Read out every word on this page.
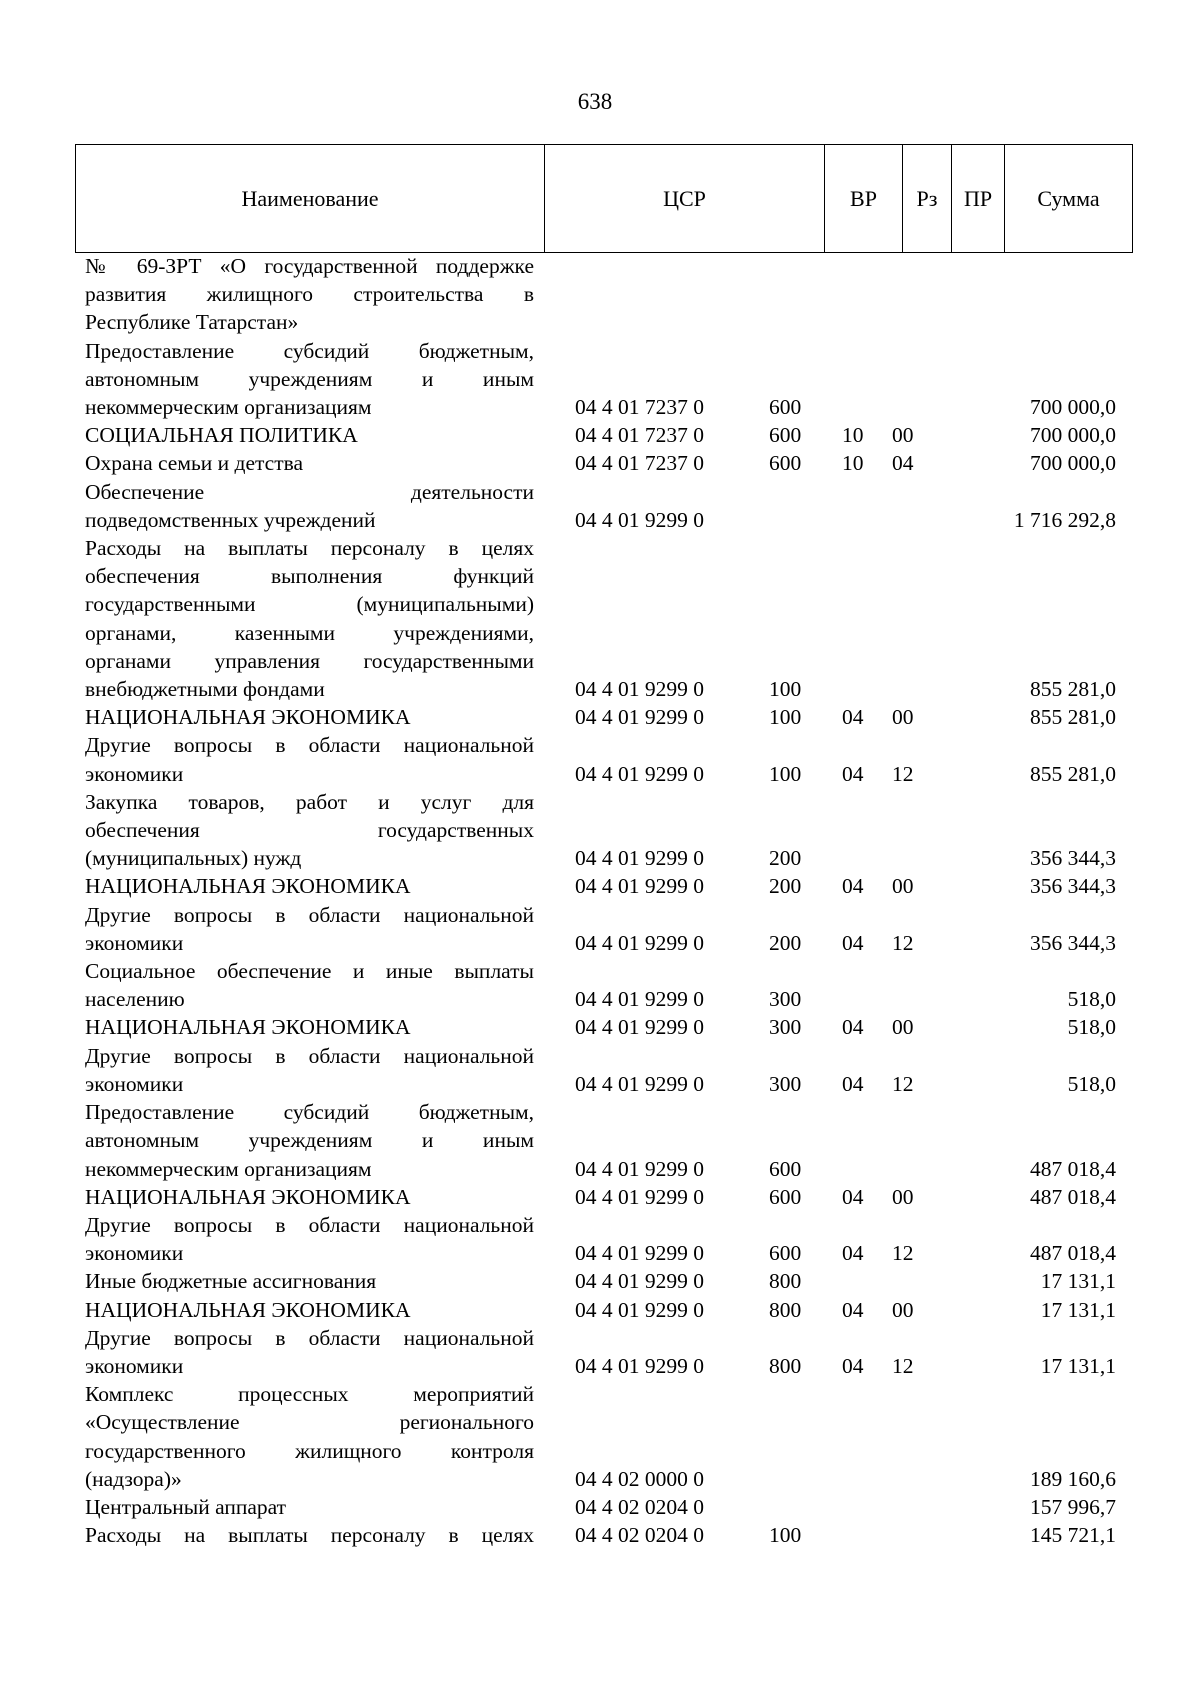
638
Наименование	ЦСР	ВР	Рз	ПР	Сумма
№ 69-ЗРТ «О государственной поддержке
развития жилищного строительства в
Республике Татарстан»
Предоставление субсидий бюджетным,
автономным учреждениям и иным
некоммерческим организациям	04 4 01 7237 0	600	700 000,0
СОЦИАЛЬНАЯ ПОЛИТИКА	04 4 01 7237 0	600 10 00	700 000,0
Охрана семьи и детства	04 4 01 7237 0	600 10 04	700 000,0
Обеспечение деятельности
подведомственных учреждений	04 4 01 9299 0	1 716 292,8
Расходы на выплаты персоналу в целях
обеспечения выполнения функций
государственными (муниципальными)
органами, казенными учреждениями,
органами управления государственными
внебюджетными фондами	04 4 01 9299 0	100	855 281,0
НАЦИОНАЛЬНАЯ ЭКОНОМИКА	04 4 01 9299 0	100 04 00	855 281,0
Другие вопросы в области национальной
экономики	04 4 01 9299 0	100 04 12	855 281,0
Закупка товаров, работ и услуг для
обеспечения государственных
(муниципальных) нужд	04 4 01 9299 0	200	356 344,3
НАЦИОНАЛЬНАЯ ЭКОНОМИКА	04 4 01 9299 0	200 04 00	356 344,3
Другие вопросы в области национальной
экономики	04 4 01 9299 0	200 04 12	356 344,3
Социальное обеспечение и иные выплаты
населению	04 4 01 9299 0	300	518,0
НАЦИОНАЛЬНАЯ ЭКОНОМИКА	04 4 01 9299 0	300 04 00	518,0
Другие вопросы в области национальной
экономики	04 4 01 9299 0	300 04 12	518,0
Предоставление субсидий бюджетным,
автономным учреждениям и иным
некоммерческим организациям	04 4 01 9299 0	600	487 018,4
НАЦИОНАЛЬНАЯ ЭКОНОМИКА	04 4 01 9299 0	600 04 00	487 018,4
Другие вопросы в области национальной
экономики	04 4 01 9299 0	600 04 12	487 018,4
Иные бюджетные ассигнования	04 4 01 9299 0	800	17 131,1
НАЦИОНАЛЬНАЯ ЭКОНОМИКА	04 4 01 9299 0	800 04 00	17 131,1
Другие вопросы в области национальной
экономики	04 4 01 9299 0	800 04 12	17 131,1
Комплекс процессных мероприятий
«Осуществление регионального
государственного жилищного контроля
(надзора)»	04 4 02 0000 0	189 160,6
Центральный аппарат	04 4 02 0204 0	157 996,7
Расходы на выплаты персоналу в целях 04 4 02 0204 0	100	145 721,1
